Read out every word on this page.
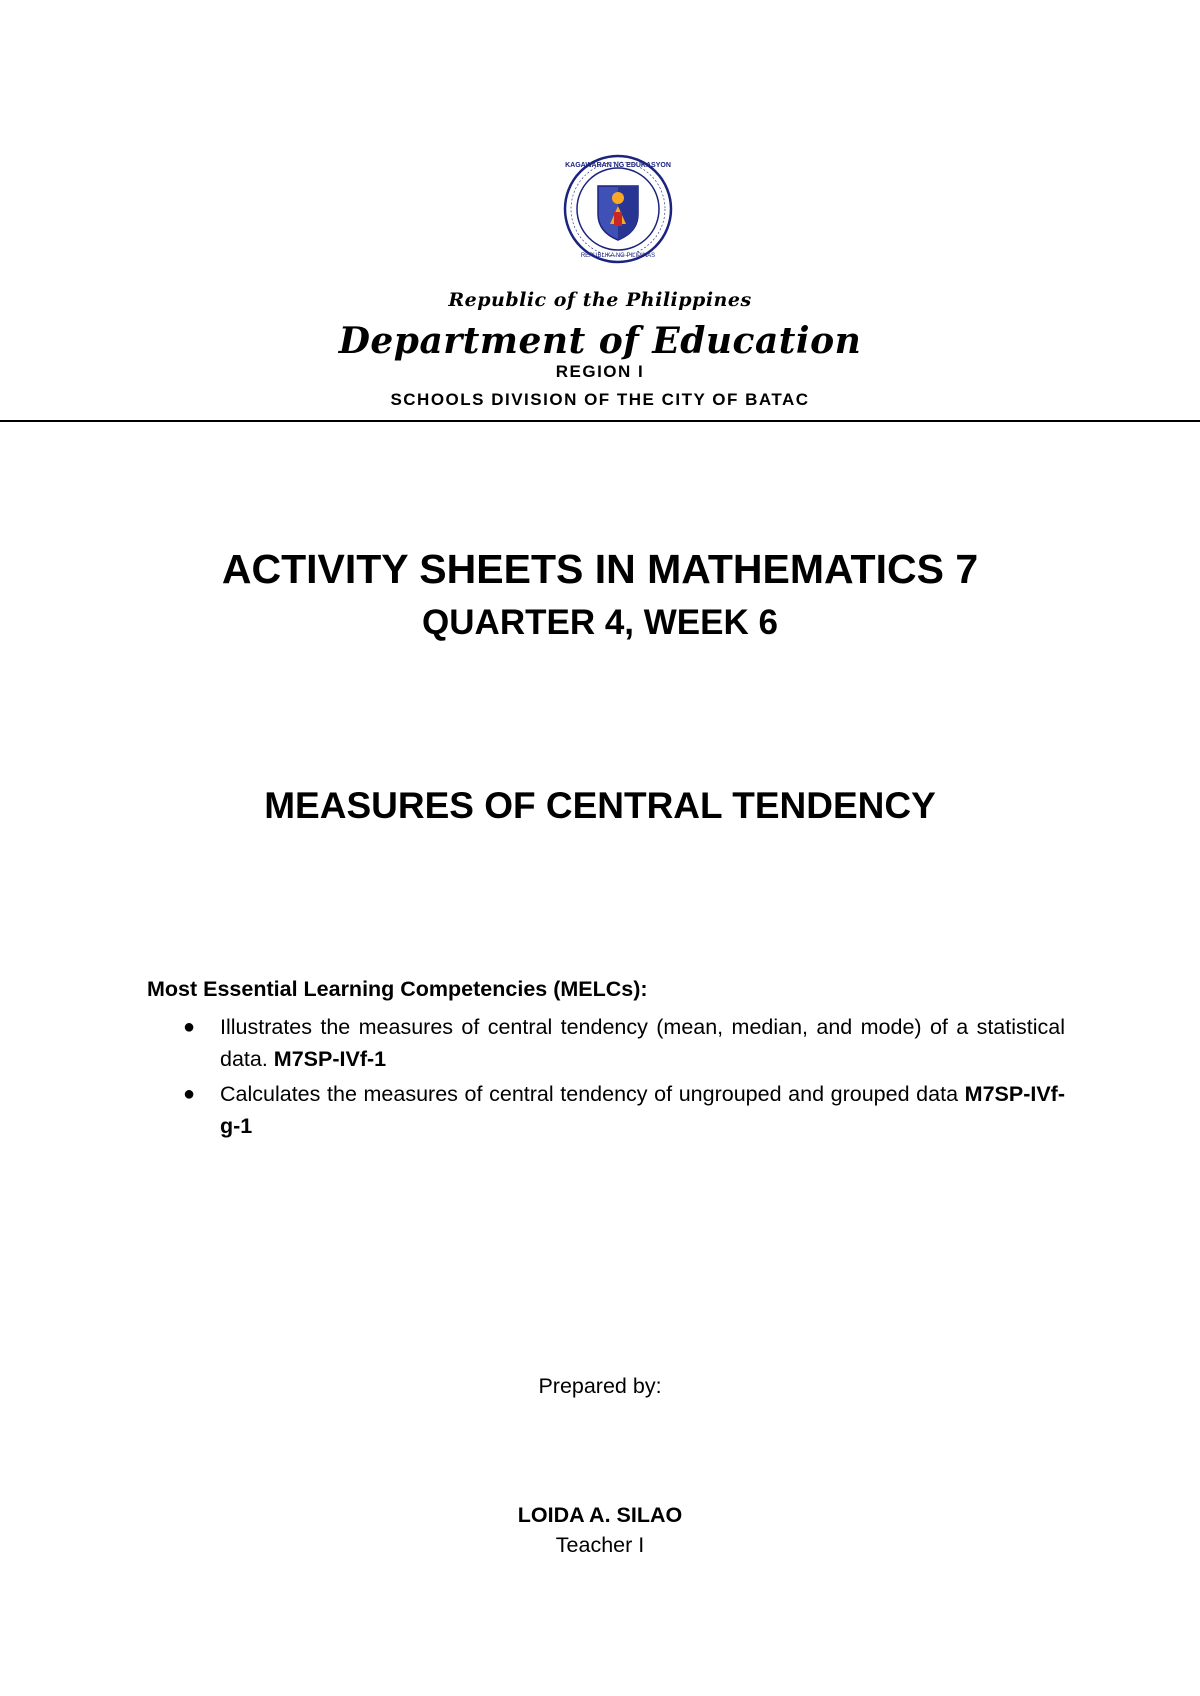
KAGAWARAN NG EDUKASYON
REPUBLIKA NG PILIPINAS
Republic of the Philippines
Department of Education
REGION I
SCHOOLS DIVISION OF THE CITY OF BATAC
ACTIVITY SHEETS IN MATHEMATICS 7
QUARTER 4, WEEK 6
MEASURES OF CENTRAL TENDENCY
Most Essential Learning Competencies (MELCs):
● Illustrates the measures of central tendency (mean, median, and mode) of a statistical data. M7SP-IVf-1
● Calculates the measures of central tendency of ungrouped and grouped data M7SP-IVf-g-1
Prepared by:
LOIDA A. SILAO
Teacher I
